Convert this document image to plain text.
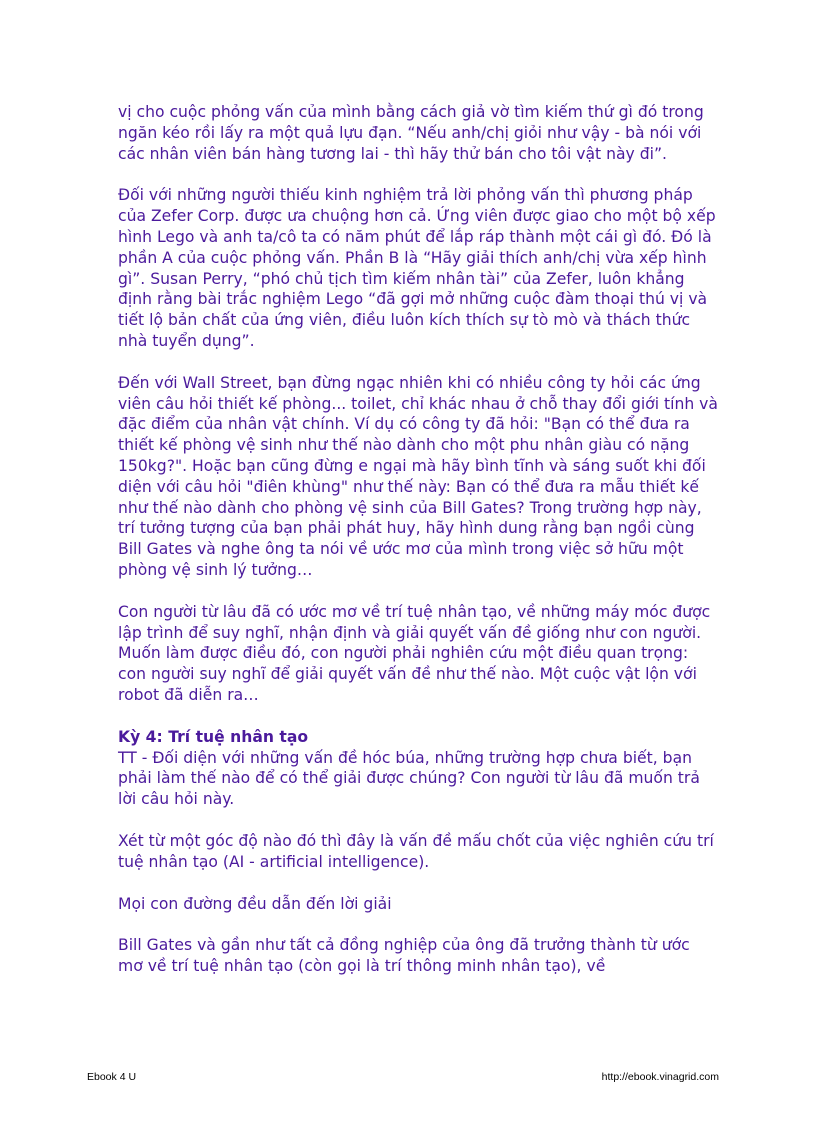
vị cho cuộc phỏng vấn của mình bằng cách giả vờ tìm kiếm thứ gì đó trong ngăn kéo rồi lấy ra một quả lựu đạn. “Nếu anh/chị giỏi như vậy - bà nói với các nhân viên bán hàng tương lai - thì hãy thử bán cho tôi vật này đi”.

Đối với những người thiếu kinh nghiệm trả lời phỏng vấn thì phương pháp của Zefer Corp. được ưa chuộng hơn cả. Ứng viên được giao cho một bộ xếp hình Lego và anh ta/cô ta có năm phút để lắp ráp thành một cái gì đó. Đó là phần A của cuộc phỏng vấn. Phần B là “Hãy giải thích anh/chị vừa xếp hình gì”. Susan Perry, “phó chủ tịch tìm kiếm nhân tài” của Zefer, luôn khẳng định rằng bài trắc nghiệm Lego “đã gợi mở những cuộc đàm thoại thú vị và tiết lộ bản chất của ứng viên, điều luôn kích thích sự tò mò và thách thức nhà tuyển dụng”.

Đến với Wall Street, bạn đừng ngạc nhiên khi có nhiều công ty hỏi các ứng viên câu hỏi thiết kế phòng... toilet, chỉ khác nhau ở chỗ thay đổi giới tính và đặc điểm của nhân vật chính. Ví dụ có công ty đã hỏi: "Bạn có thể đưa ra thiết kế phòng vệ sinh như thế nào dành cho một phu nhân giàu có nặng 150kg?". Hoặc bạn cũng đừng e ngại mà hãy bình tĩnh và sáng suốt khi đối diện với câu hỏi "điên khùng" như thế này: Bạn có thể đưa ra mẫu thiết kế như thế nào dành cho phòng vệ sinh của Bill Gates? Trong trường hợp này, trí tưởng tượng của bạn phải phát huy, hãy hình dung rằng bạn ngồi cùng Bill Gates và nghe ông ta nói về ước mơ của mình trong việc sở hữu một phòng vệ sinh lý tưởng…

Con người từ lâu đã có ước mơ về trí tuệ nhân tạo, về những máy móc được lập trình để suy nghĩ, nhận định và giải quyết vấn đề giống như con người. Muốn làm được điều đó, con người phải nghiên cứu một điều quan trọng: con người suy nghĩ để giải quyết vấn đề như thế nào. Một cuộc vật lộn với robot đã diễn ra…

Kỳ 4: Trí tuệ nhân tạo

TT - Đối diện với những vấn đề hóc búa, những trường hợp chưa biết, bạn phải làm thế nào để có thể giải được chúng? Con người từ lâu đã muốn trả lời câu hỏi này.

Xét từ một góc độ nào đó thì đây là vấn đề mấu chốt của việc nghiên cứu trí tuệ nhân tạo (AI - artificial intelligence).

Mọi con đường đều dẫn đến lời giải

Bill Gates và gần như tất cả đồng nghiệp của ông đã trưởng thành từ ước mơ về trí tuệ nhân tạo (còn gọi là trí thông minh nhân tạo), về

Ebook 4 U	http://ebook.vinagrid.com
